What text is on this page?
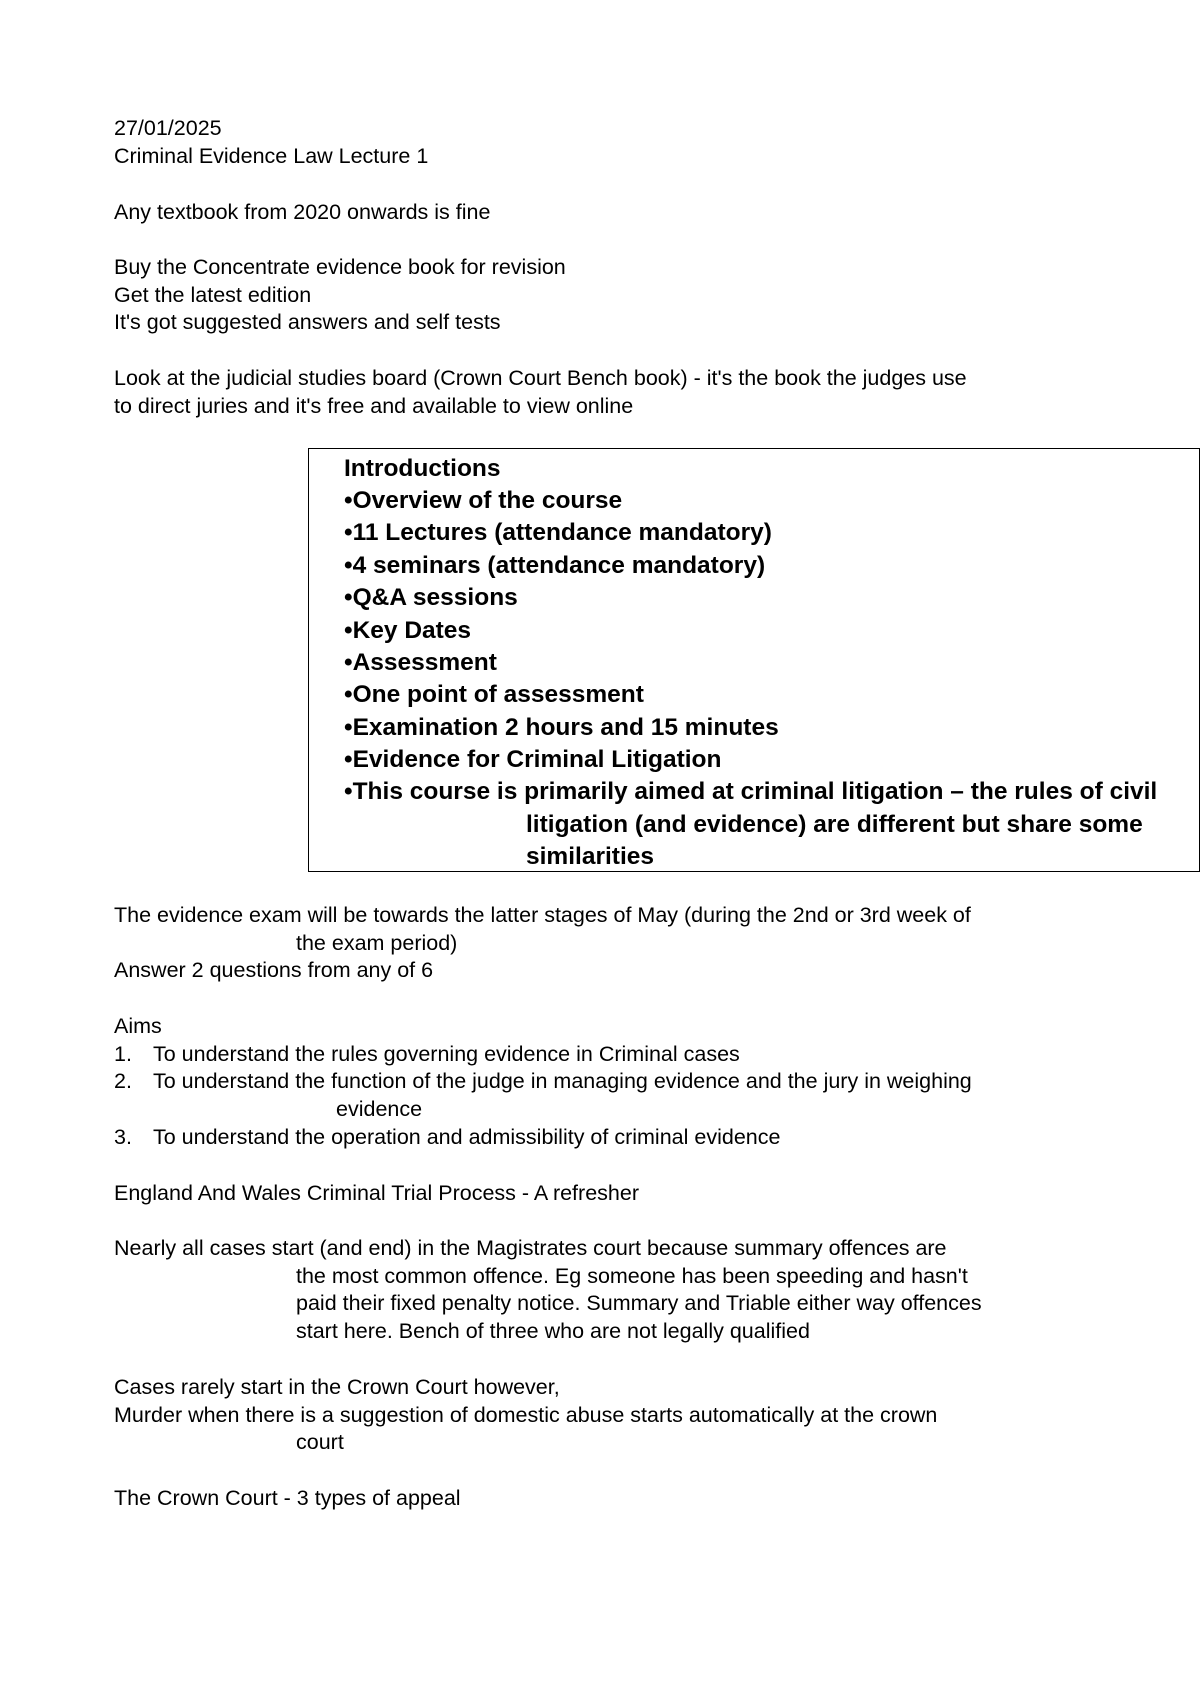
27/01/2025
Criminal Evidence Law Lecture 1
Any textbook from 2020 onwards is fine
Buy the Concentrate evidence book for revision
Get the latest edition
It's got suggested answers and self tests
Look at the judicial studies board (Crown Court Bench book) - it's the book the judges use
to direct juries and it's free and available to view online
Introductions
•Overview of the course
•11 Lectures (attendance mandatory)
•4 seminars (attendance mandatory)
•Q&A sessions
•Key Dates
•Assessment
•One point of assessment
•Examination 2 hours and 15 minutes
•Evidence for Criminal Litigation
•This course is primarily aimed at criminal litigation – the rules of civil
litigation (and evidence) are different but share some
similarities
The evidence exam will be towards the latter stages of May (during the 2nd or 3rd week of
the exam period)
Answer 2 questions from any of 6
Aims
1. To understand the rules governing evidence in Criminal cases
2. To understand the function of the judge in managing evidence and the jury in weighing
evidence
3. To understand the operation and admissibility of criminal evidence
England And Wales Criminal Trial Process - A refresher
Nearly all cases start (and end) in the Magistrates court because summary offences are
the most common offence. Eg someone has been speeding and hasn't
paid their fixed penalty notice. Summary and Triable either way offences
start here. Bench of three who are not legally qualified
Cases rarely start in the Crown Court however,
Murder when there is a suggestion of domestic abuse starts automatically at the crown
court
The Crown Court - 3 types of appeal
